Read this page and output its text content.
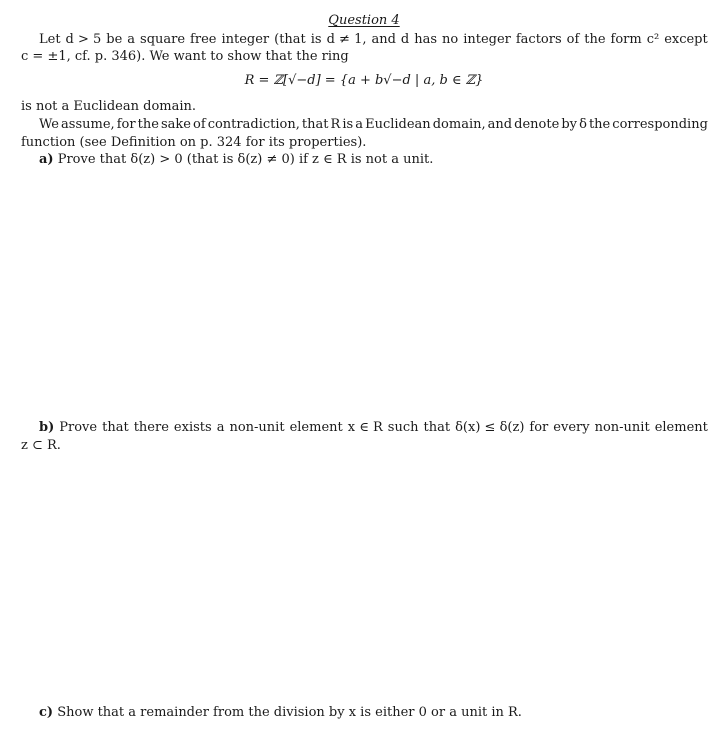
Question 4
Let d > 5 be a square free integer (that is d ≠ 1, and d has no integer factors of the form c² except
c = ±1, cf. p. 346). We want to show that the ring
R = ℤ[√−d] = {a + b√−d | a, b ∈ ℤ}
is not a Euclidean domain.
We assume, for the sake of contradiction, that R is a Euclidean domain, and denote by δ the corresponding
function (see Definition on p. 324 for its properties).
a) Prove that δ(z) > 0 (that is δ(z) ≠ 0) if z ∈ R is not a unit.
b) Prove that there exists a non-unit element x ∈ R such that δ(x) ≤ δ(z) for every non-unit element
z ⊂ R.
c) Show that a remainder from the division by x is either 0 or a unit in R.
